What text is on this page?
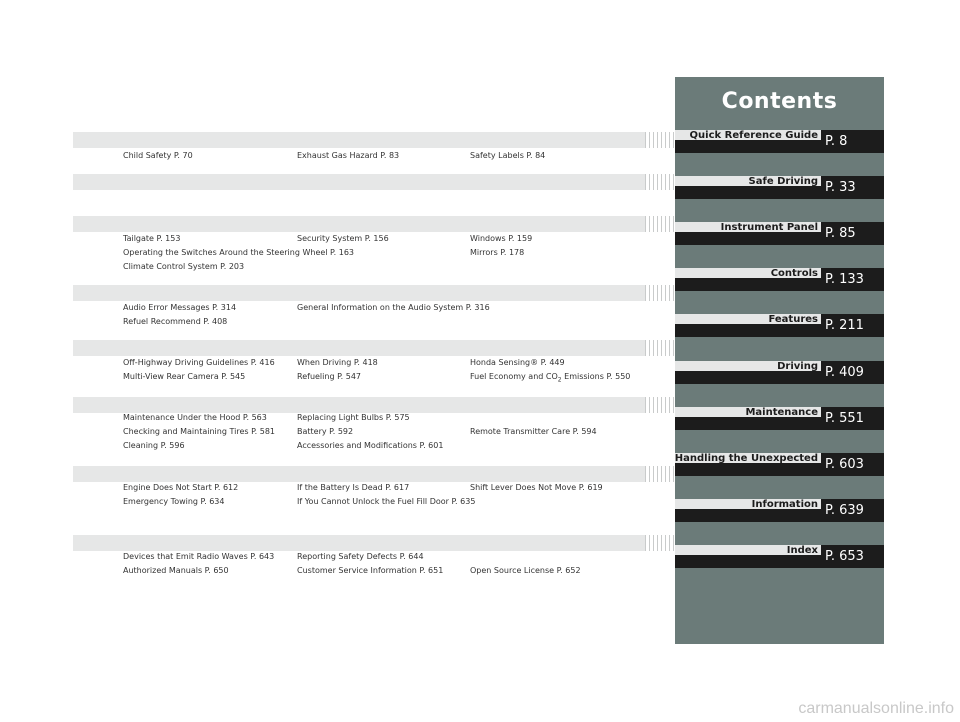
Child Safety P. 70	Exhaust Gas Hazard P. 83	Safety Labels P. 84
Tailgate P. 153	Security System P. 156	Windows P. 159
Operating the Switches Around the Steering Wheel P. 163	Mirrors P. 178
Climate Control System P. 203
Audio Error Messages P. 314	General Information on the Audio System P. 316
Refuel Recommend P. 408
Off-Highway Driving Guidelines P. 416	When Driving P. 418	Honda Sensing® P. 449
Multi-View Rear Camera P. 545	Refueling P. 547	Fuel Economy and $CO_2$ Emissions P. 550
Maintenance Under the Hood P. 563	Replacing Light Bulbs P. 575
Checking and Maintaining Tires P. 581	Battery P. 592	Remote Transmitter Care P. 594
Cleaning P. 596	Accessories and Modifications P. 601
Engine Does Not Start P. 612	If the Battery Is Dead P. 617	Shift Lever Does Not Move P. 619
Emergency Towing P. 634	If You Cannot Unlock the Fuel Fill Door P. 635
Devices that Emit Radio Waves P. 643	Reporting Safety Defects P. 644
Authorized Manuals P. 650	Customer Service Information P. 651	Open Source License P. 652
Contents
Quick Reference Guide P. 8
Safe Driving P. 33
Instrument Panel P. 85
Controls P. 133
Features P. 211
Driving P. 409
Maintenance P. 551
Handling the Unexpected P. 603
Information P. 639
Index P. 653
carmanualsonline.info
